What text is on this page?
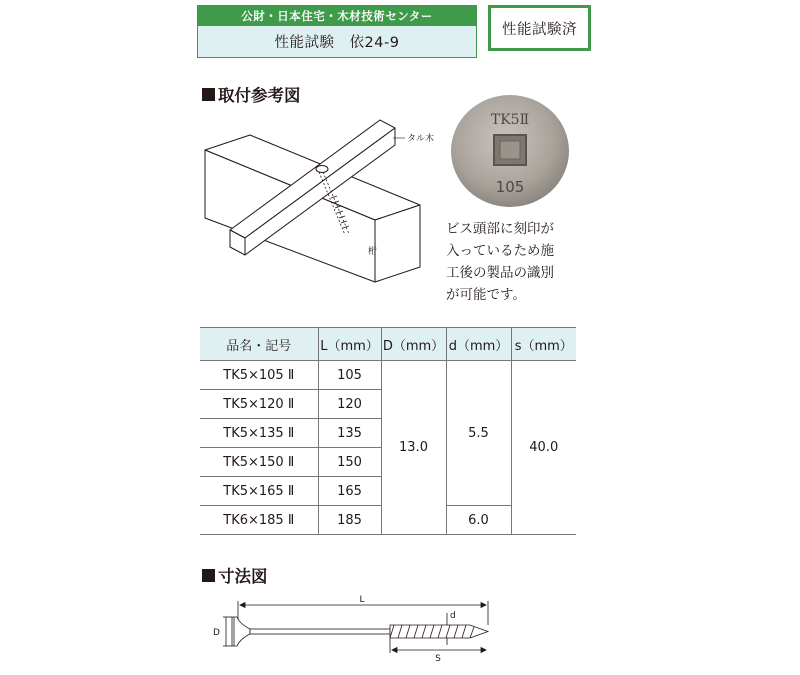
公財・日本住宅・木材技術センター
性能試験　依24-9
性能試験済
取付参考図
タル木
桁
TK5Ⅱ
105
ビス頭部に刻印が
入っているため施
工後の製品の識別
が可能です。
品名・記号	L（mm）	D（mm）	d（mm）	s（mm）
TK5×105 Ⅱ	105	13.0	5.5	40.0
TK5×120 Ⅱ	120			
TK5×135 Ⅱ	135			
TK5×150 Ⅱ	150			
TK5×165 Ⅱ	165			
TK6×185 Ⅱ	185		6.0	
寸法図
L
D
d
S
